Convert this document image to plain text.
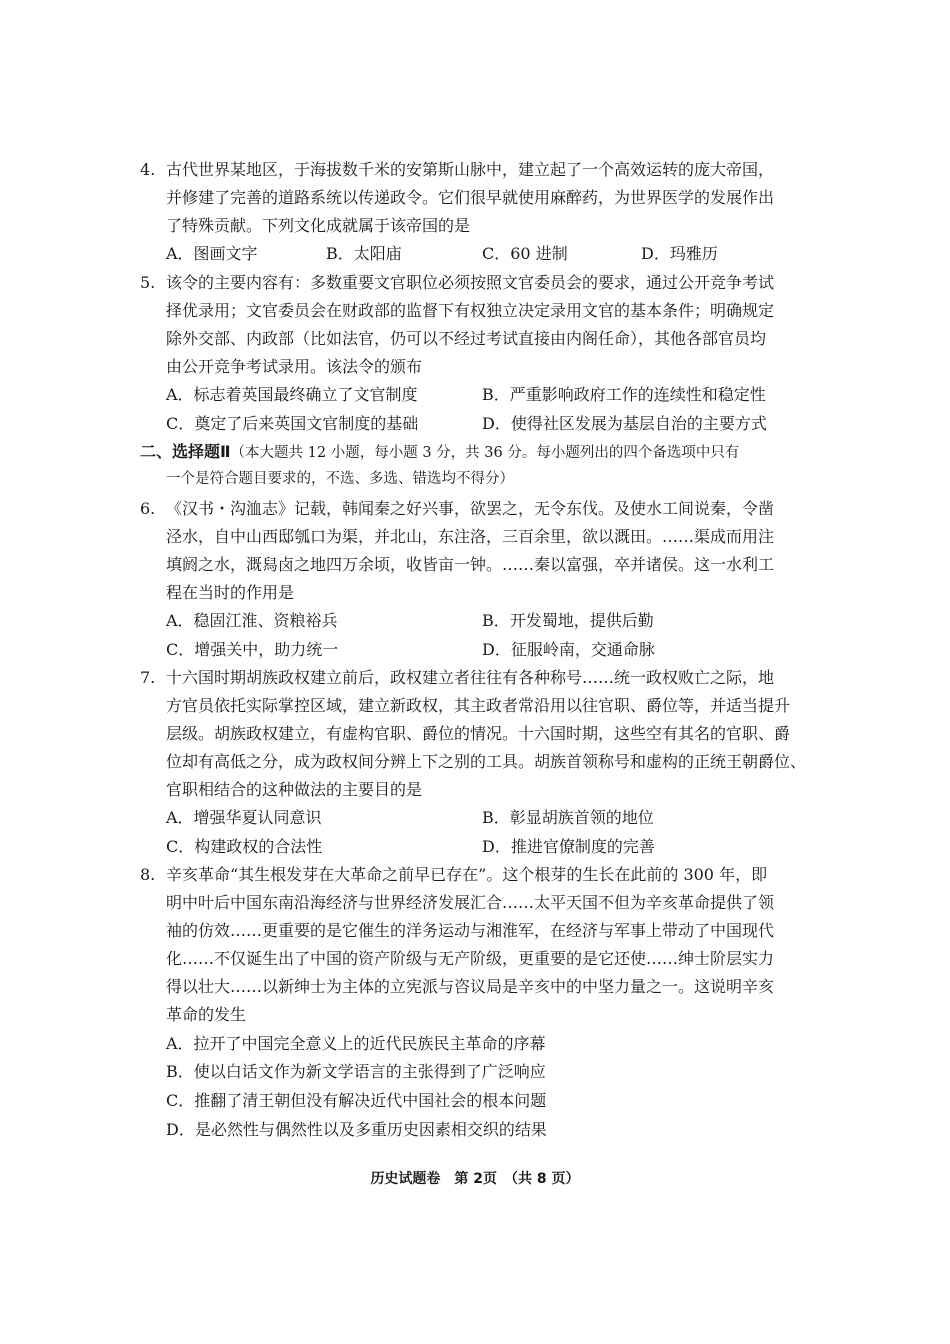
4. 古代世界某地区，于海拔数千米的安第斯山脉中，建立起了一个高效运转的庞大帝国，
并修建了完善的道路系统以传递政令。它们很早就使用麻醉药，为世界医学的发展作出
了特殊贡献。下列文化成就属于该帝国的是
A．图画文字	B．太阳庙	C．60 进制	D．玛雅历
5. 该令的主要内容有：多数重要文官职位必须按照文官委员会的要求，通过公开竞争考试
择优录用；文官委员会在财政部的监督下有权独立决定录用文官的基本条件；明确规定
除外交部、内政部（比如法官，仍可以不经过考试直接由内阁任命），其他各部官员均
由公开竞争考试录用。该法令的颁布
A．标志着英国最终确立了文官制度	B．严重影响政府工作的连续性和稳定性
C．奠定了后来英国文官制度的基础	D．使得社区发展为基层自治的主要方式
二、选择题Ⅱ（本大题共 12 小题，每小题 3 分，共 36 分。每小题列出的四个备选项中只有
一个是符合题目要求的，不选、多选、错选均不得分）
6. 《汉书・沟洫志》记载，韩闻秦之好兴事，欲罢之，无令东伐。及使水工间说秦，令凿
泾水，自中山西邸瓠口为渠，并北山，东注洛，三百余里，欲以溉田。……渠成而用注
填阏之水，溉舄卤之地四万余顷，收皆亩一钟。……秦以富强，卒并诸侯。这一水利工
程在当时的作用是
A．稳固江淮、资粮裕兵	B．开发蜀地，提供后勤
C．增强关中，助力统一	D．征服岭南，交通命脉
7. 十六国时期胡族政权建立前后，政权建立者往往有各种称号……统一政权败亡之际，地
方官员依托实际掌控区域，建立新政权，其主政者常沿用以往官职、爵位等，并适当提升
层级。胡族政权建立，有虚构官职、爵位的情况。十六国时期，这些空有其名的官职、爵
位却有高低之分，成为政权间分辨上下之别的工具。胡族首领称号和虚构的正统王朝爵位、
官职相结合的这种做法的主要目的是
A．增强华夏认同意识	B．彰显胡族首领的地位
C．构建政权的合法性	D．推进官僚制度的完善
8. 辛亥革命“其生根发芽在大革命之前早已存在”。这个根芽的生长在此前的 300 年，即
明中叶后中国东南沿海经济与世界经济发展汇合……太平天国不但为辛亥革命提供了领
袖的仿效……更重要的是它催生的洋务运动与湘淮军，在经济与军事上带动了中国现代
化……不仅诞生出了中国的资产阶级与无产阶级，更重要的是它还使……绅士阶层实力
得以壮大……以新绅士为主体的立宪派与咨议局是辛亥中的中坚力量之一。这说明辛亥
革命的发生
A．拉开了中国完全意义上的近代民族民主革命的序幕
B．使以白话文作为新文学语言的主张得到了广泛响应
C．推翻了清王朝但没有解决近代中国社会的根本问题
D．是必然性与偶然性以及多重历史因素相交织的结果
历史试题卷　第 2页　（共 8 页）
